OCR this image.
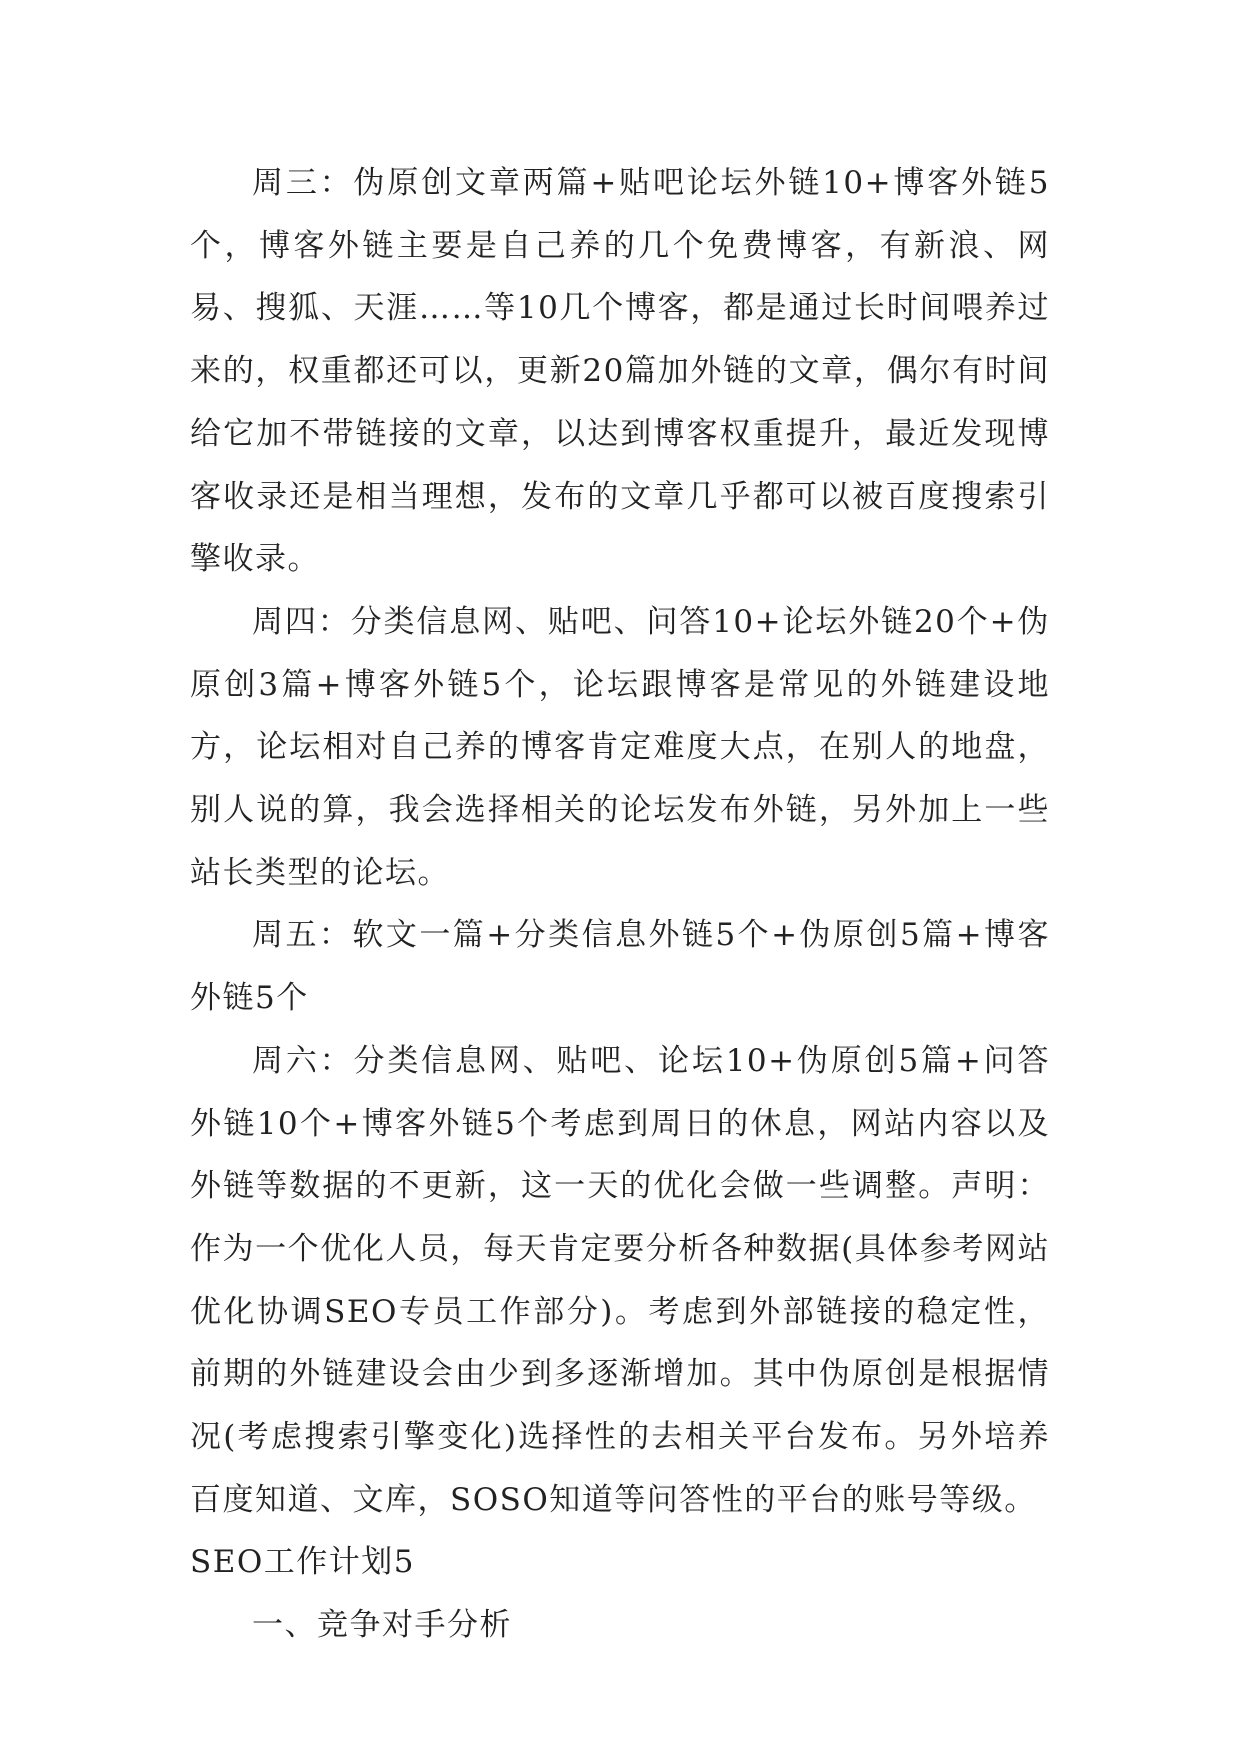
周三：伪原创文章两篇+贴吧论坛外链10+博客外链5个，博客外链主要是自己养的几个免费博客，有新浪、网易、搜狐、天涯……等10几个博客，都是通过长时间喂养过来的，权重都还可以，更新20篇加外链的文章，偶尔有时间给它加不带链接的文章，以达到博客权重提升，最近发现博客收录还是相当理想，发布的文章几乎都可以被百度搜索引擎收录。

周四：分类信息网、贴吧、问答10+论坛外链20个+伪原创3篇+博客外链5个，论坛跟博客是常见的外链建设地方，论坛相对自己养的博客肯定难度大点，在别人的地盘，别人说的算，我会选择相关的论坛发布外链，另外加上一些站长类型的论坛。

周五：软文一篇+分类信息外链5个+伪原创5篇+博客外链5个

周六：分类信息网、贴吧、论坛10+伪原创5篇+问答外链10个+博客外链5个考虑到周日的休息，网站内容以及外链等数据的不更新，这一天的优化会做一些调整。声明：作为一个优化人员，每天肯定要分析各种数据(具体参考网站优化协调SEO专员工作部分)。考虑到外部链接的稳定性，前期的外链建设会由少到多逐渐增加。其中伪原创是根据情况(考虑搜索引擎变化)选择性的去相关平台发布。另外培养百度知道、文库，SOSO知道等问答性的平台的账号等级。

SEO工作计划5

一、竞争对手分析
